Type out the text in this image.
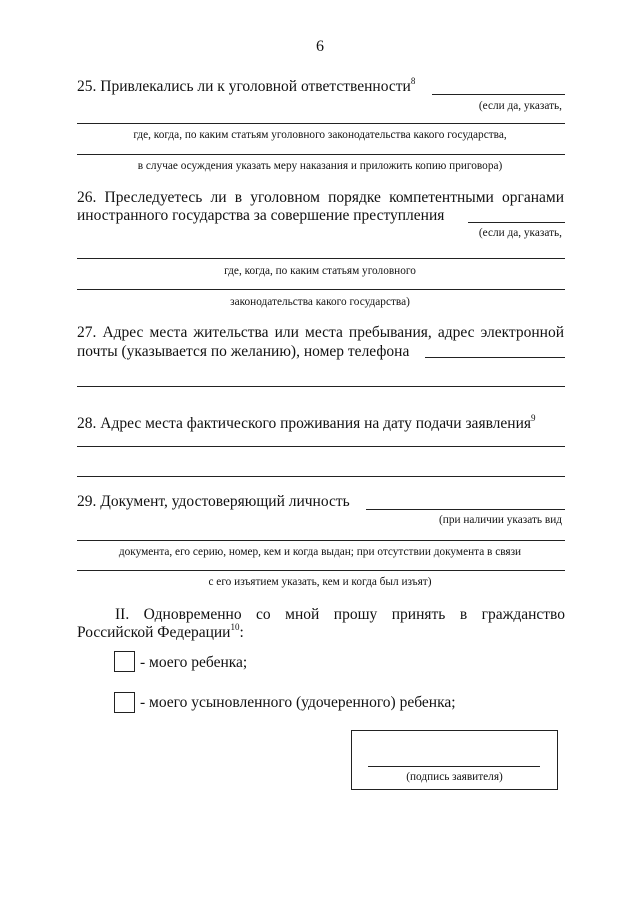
6
25. Привлекались ли к уголовной ответственности$^8$
(если да, указать,
где, когда, по каким статьям уголовного законодательства какого государства,
в случае осуждения указать меру наказания и приложить копию приговора)
26. Преследуетесь ли в уголовном порядке компетентными органами
иностранного государства за совершение преступления
(если да, указать,
где, когда, по каким статьям уголовного
законодательства какого государства)
27. Адрес места жительства или места пребывания, адрес электронной
почты (указывается по желанию), номер телефона
28. Адрес места фактического проживания на дату подачи заявления$^9$
29. Документ, удостоверяющий личность
(при наличии указать вид
документа, его серию, номер, кем и когда выдан; при отсутствии документа в связи
с его изъятием указать, кем и когда был изъят)
II. Одновременно со мной прошу принять в гражданство
Российской Федерации$^{10}$:
- моего ребенка;
- моего усыновленного (удочеренного) ребенка;
(подпись заявителя)
